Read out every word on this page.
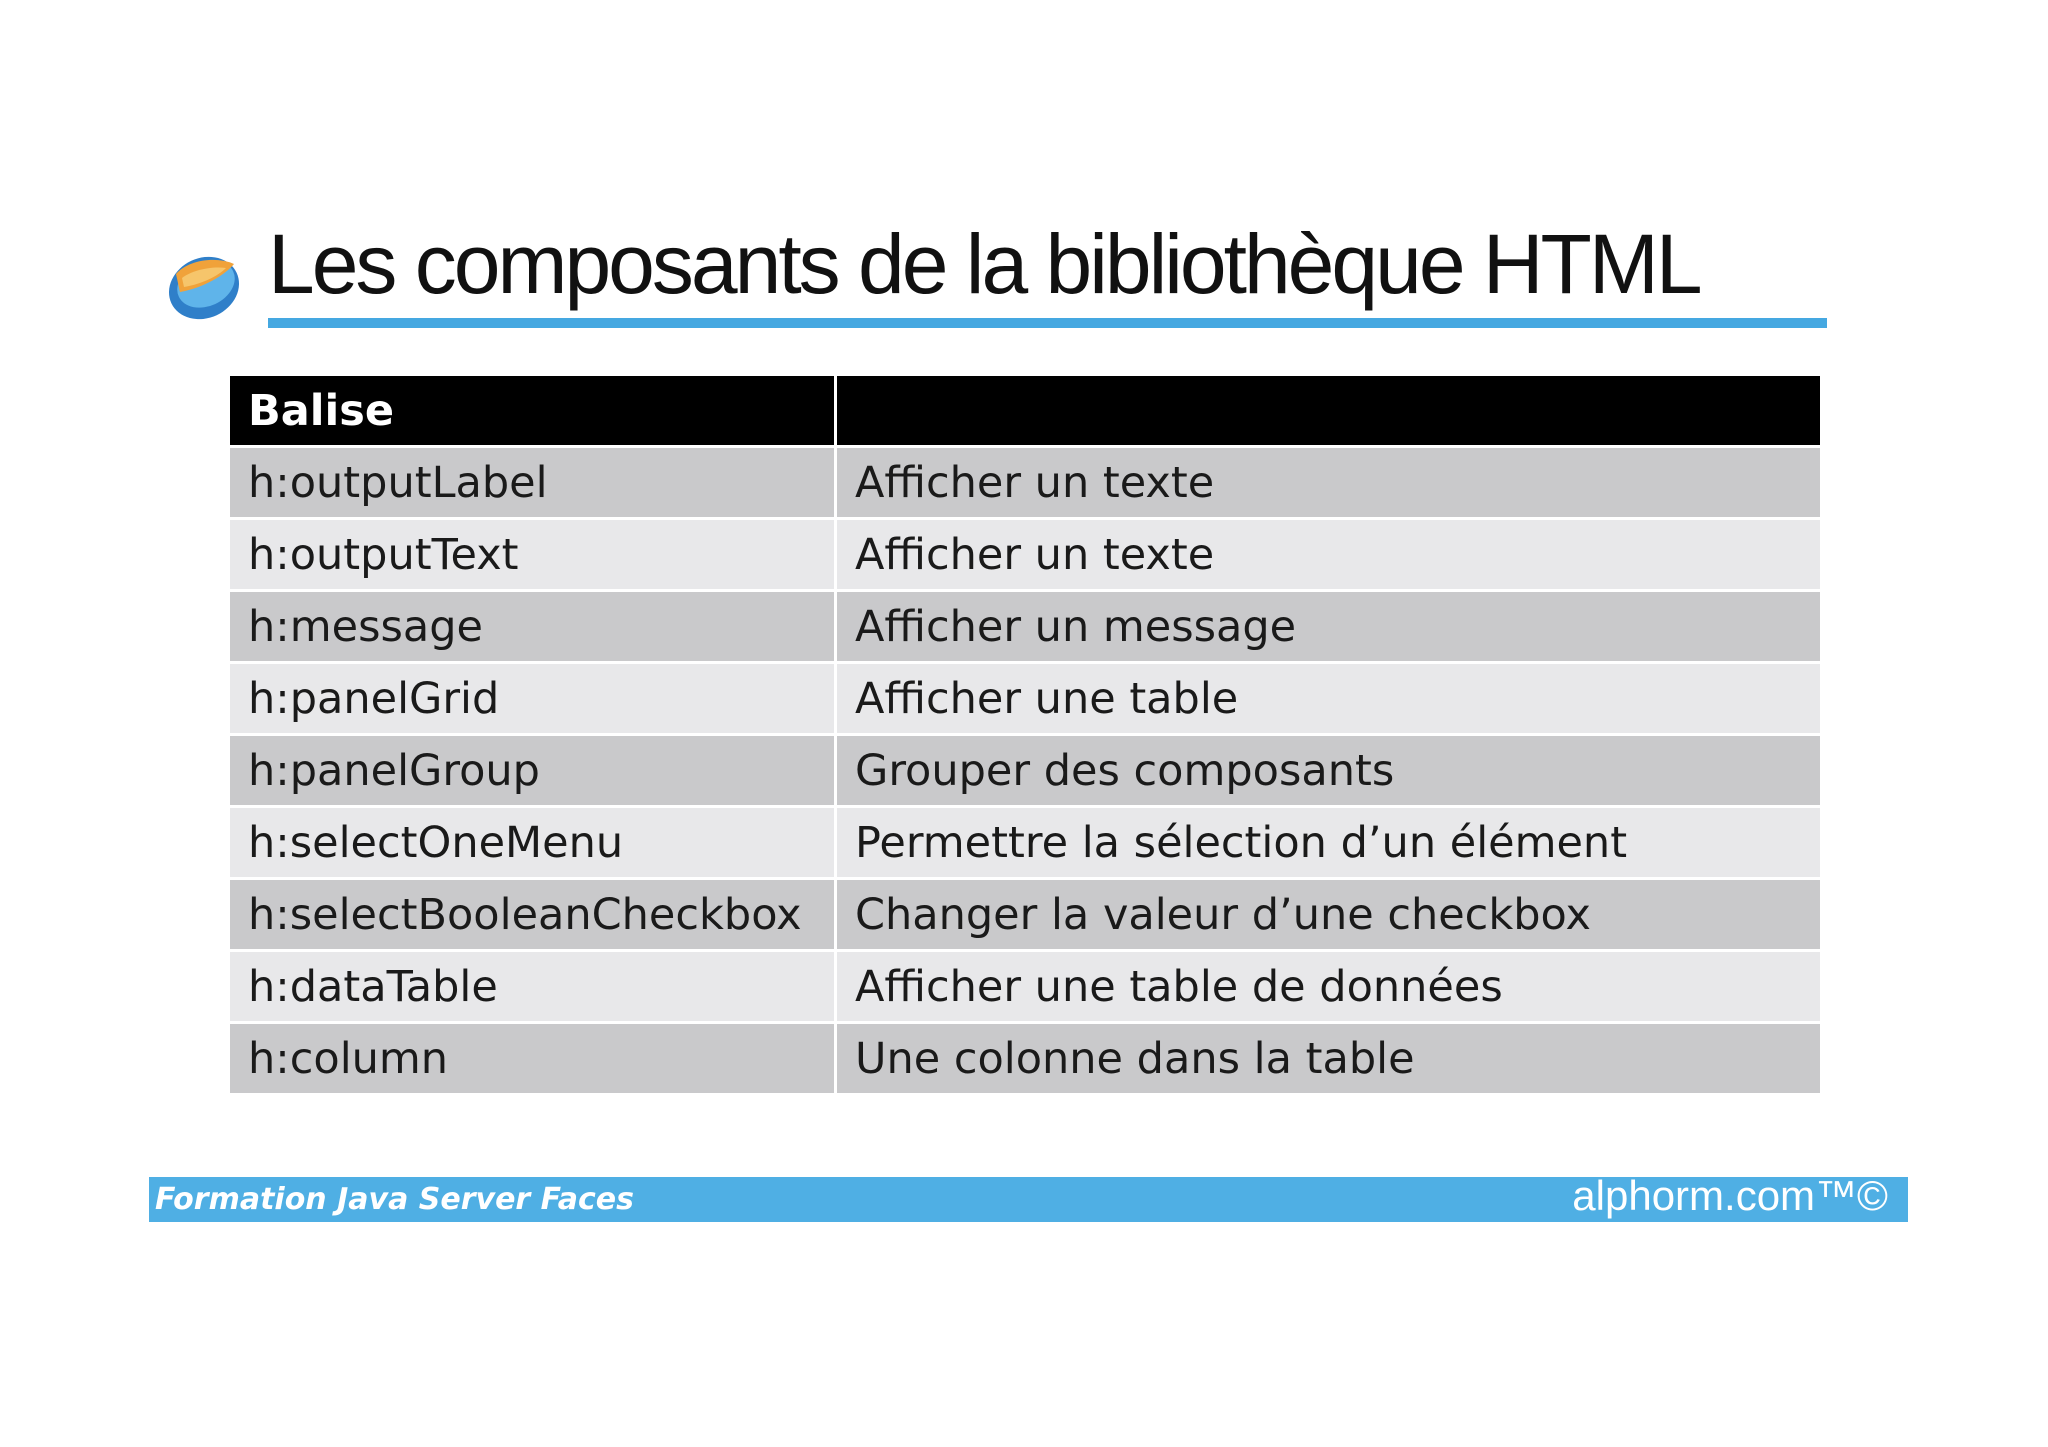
Les composants de la bibliothèque HTML
Balise
h:outputLabel	Afficher un texte
h:outputText	Afficher un texte
h:message	Afficher un message
h:panelGrid	Afficher une table
h:panelGroup	Grouper des composants
h:selectOneMenu	Permettre la sélection d’un élément
h:selectBooleanCheckbox	Changer la valeur d’une checkbox
h:dataTable	Afficher une table de données
h:column	Une colonne dans la table
Formation Java Server Faces	alphorm.com™©
